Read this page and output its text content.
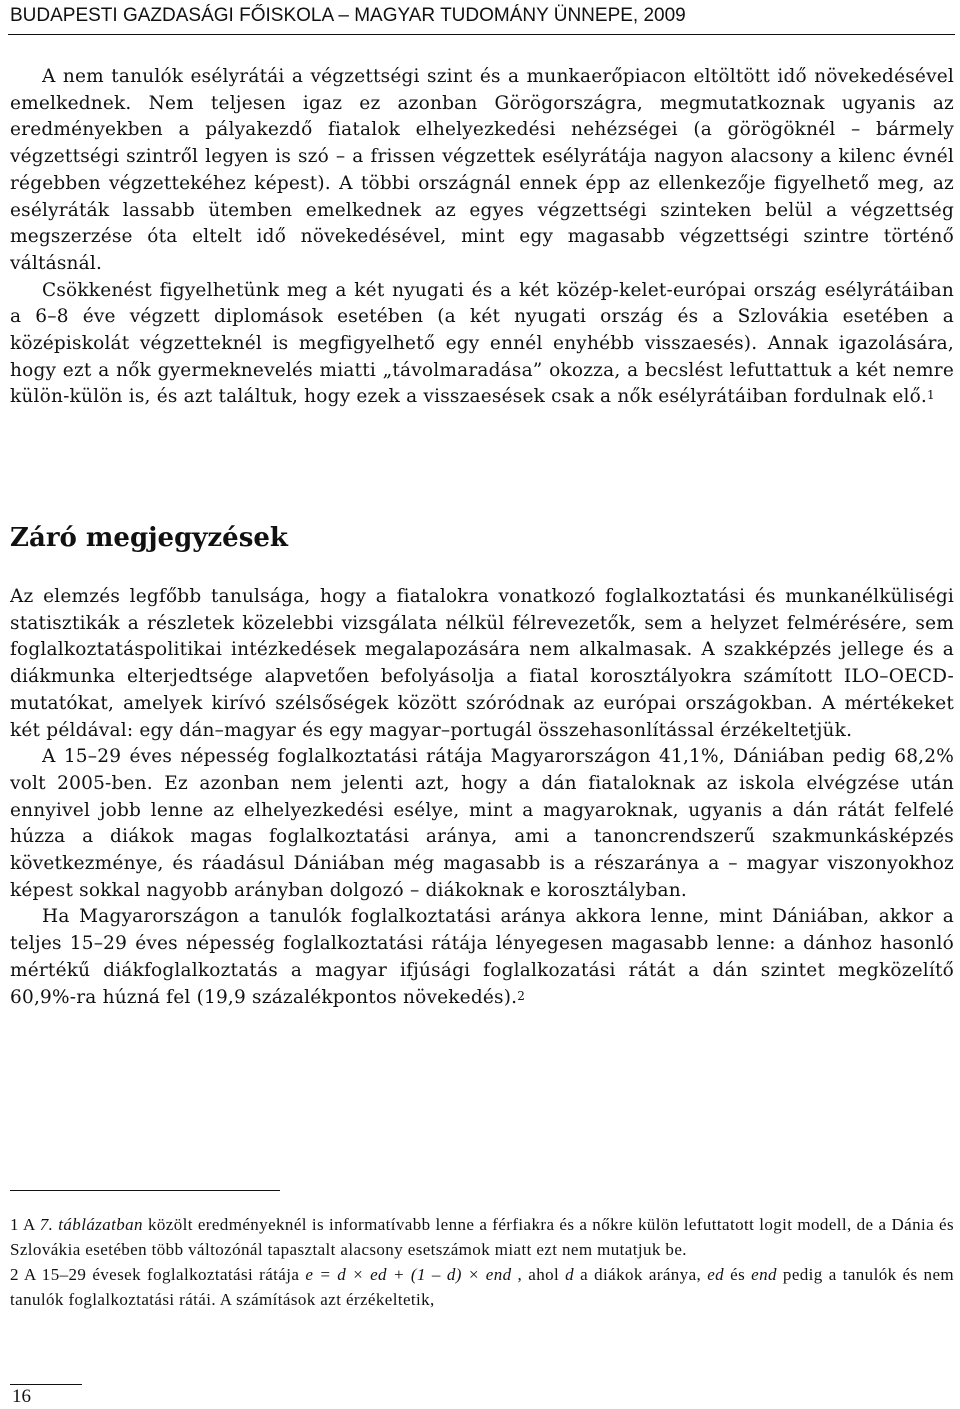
BUDAPESTI GAZDASÁGI FŐISKOLA – MAGYAR TUDOMÁNY ÜNNEPE, 2009

A nem tanulók esélyrátái a végzettségi szint és a munkaerőpiacon eltöltött idő növekedésével emelkednek. Nem teljesen igaz ez azonban Görögországra, megmutatkoznak ugyanis az eredményekben a pályakezdő fiatalok elhelyezkedési nehézségei (a görögöknél – bármely végzettségi szintről legyen is szó – a frissen végzettek esélyrátája nagyon alacsony a kilenc évnél régebben végzettekéhez képest). A többi országnál ennek épp az ellenkezője figyelhető meg, az esélyráták lassabb ütemben emelkednek az egyes végzettségi szinteken belül a végzettség megszerzése óta eltelt idő növekedésével, mint egy magasabb végzettségi szintre történő váltásnál.

Csökkenést figyelhetünk meg a két nyugati és a két közép-kelet-európai ország esélyrátáiban a 6–8 éve végzett diplomások esetében (a két nyugati ország és a Szlovákia esetében a középiskolát végzetteknél is megfigyelhető egy ennél enyhébb visszaesés). Annak igazolására, hogy ezt a nők gyermeknevelés miatti „távolmaradása” okozza, a becslést lefuttattuk a két nemre külön-külön is, és azt találtuk, hogy ezek a visszaesések csak a nők esélyrátáiban fordulnak elő.$^1$

Záró megjegyzések

Az elemzés legfőbb tanulsága, hogy a fiatalokra vonatkozó foglalkoztatási és munkanélküliségi statisztikák a részletek közelebbi vizsgálata nélkül félrevezetők, sem a helyzet felmérésére, sem foglalkoztatáspolitikai intézkedések megalapozására nem alkalmasak. A szakképzés jellege és a diákmunka elterjedtsége alapvetően befolyásolja a fiatal korosztályokra számított ILO–OECD-mutatókat, amelyek kirívó szélsőségek között szóródnak az európai országokban. A mértékeket két példával: egy dán–magyar és egy magyar–portugál összehasonlítással érzékeltetjük.

A 15–29 éves népesség foglalkoztatási rátája Magyarországon 41,1%, Dániában pedig 68,2% volt 2005-ben. Ez azonban nem jelenti azt, hogy a dán fiataloknak az iskola elvégzése után ennyivel jobb lenne az elhelyezkedési esélye, mint a magyaroknak, ugyanis a dán rátát felfelé húzza a diákok magas foglalkoztatási aránya, ami a tanoncrendszerű szakmunkásképzés következménye, és ráadásul Dániában még magasabb is a részaránya a – magyar viszonyokhoz képest sokkal nagyobb arányban dolgozó – diákoknak e korosztályban.

Ha Magyarországon a tanulók foglalkoztatási aránya akkora lenne, mint Dániában, akkor a teljes 15–29 éves népesség foglalkoztatási rátája lényegesen magasabb lenne: a dánhoz hasonló mértékű diákfoglalkoztatás a magyar ifjúsági foglalkozatási rátát a dán szintet megközelítő 60,9%-ra húzná fel (19,9 százalékpontos növekedés).$^2$

1 A 7. táblázatban közölt eredményeknél is informatívabb lenne a férfiakra és a nőkre külön lefuttatott logit modell, de a Dánia és Szlovákia esetében több változónál tapasztalt alacsony esetszámok miatt ezt nem mutatjuk be.

2 A 15–29 évesek foglalkoztatási rátája e = d × ed + (1 – d) × end , ahol d a diákok aránya, ed és end pedig a tanulók és nem tanulók foglalkoztatási rátái. A számítások azt érzékeltetik,

16
